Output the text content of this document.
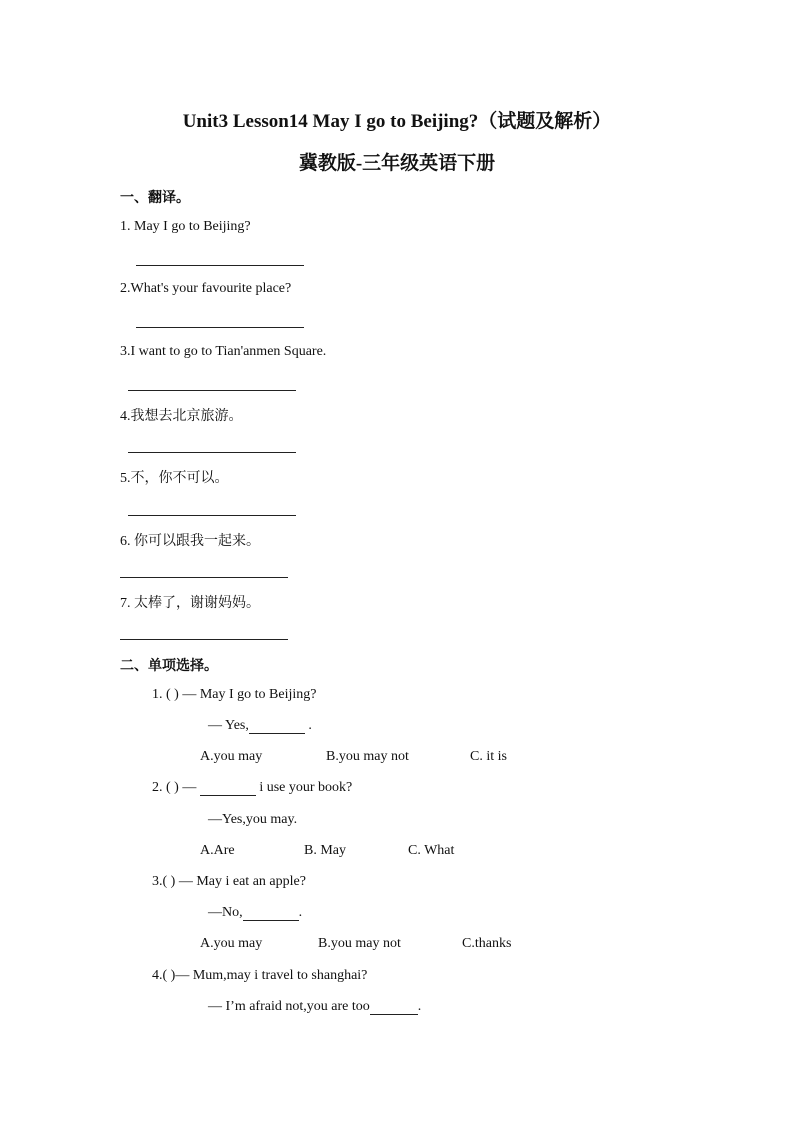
Unit3 Lesson14 May I go to Beijing?（试题及解析）
冀教版-三年级英语下册
一、翻译。
1. May I go to Beijing?
2.What's your favourite place?
3.I want to go to Tian'anmen Square.
4.我想去北京旅游。
5.不，你不可以。
6. 你可以跟我一起来。
7. 太棒了，谢谢妈妈。
二、单项选择。
1. ( ) — May I go to Beijing?
— Yes,	.
A.you may	B.you may not	C. it is
2. ( ) —	i use your book?
—Yes,you may.
A.Are	B. May	C. What
3.( ) — May i eat an apple?
—No,	.
A.you may	B.you may not	C.thanks
4.( )— Mum,may i travel to shanghai?
— I’m afraid not,you are too	.
